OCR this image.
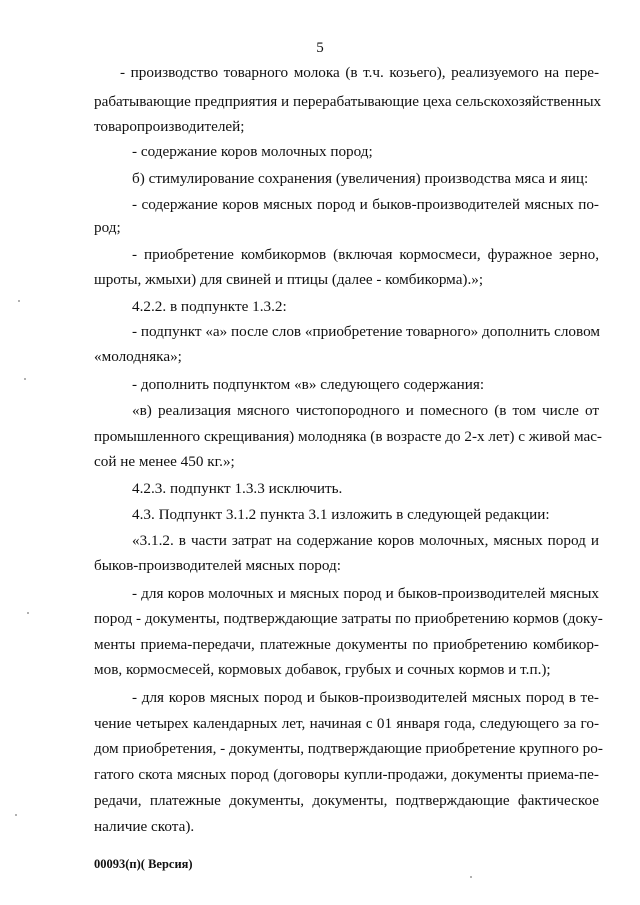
5
- производство товарного молока (в т.ч. козьего), реализуемого на пере-
рабатывающие предприятия и перерабатывающие цеха сельскохозяйственных
товаропроизводителей;
- содержание коров молочных пород;
б) стимулирование сохранения (увеличения) производства мяса и яиц:
- содержание коров мясных пород и быков-производителей мясных по-
род;
- приобретение комбикормов (включая кормосмеси, фуражное зерно,
шроты, жмыхи) для свиней и птицы (далее - комбикорма).»;
4.2.2. в подпункте 1.3.2:
- подпункт «а» после слов «приобретение товарного» дополнить словом
«молодняка»;
- дополнить подпунктом «в» следующего содержания:
«в) реализация мясного чистопородного и помесного (в том числе от
промышленного скрещивания) молодняка (в возрасте до 2-х лет) с живой мас-
сой не менее 450 кг.»;
4.2.3. подпункт 1.3.3 исключить.
4.3. Подпункт 3.1.2 пункта 3.1 изложить в следующей редакции:
«3.1.2. в части затрат на содержание коров молочных, мясных пород и
быков-производителей мясных пород:
- для коров молочных и мясных пород и быков-производителей мясных
пород - документы, подтверждающие затраты по приобретению кормов (доку-
менты приема-передачи, платежные документы по приобретению комбикор-
мов, кормосмесей, кормовых добавок, грубых и сочных кормов и т.п.);
- для коров мясных пород и быков-производителей мясных пород в те-
чение четырех календарных лет, начиная с 01 января года, следующего за го-
дом приобретения, - документы, подтверждающие приобретение крупного ро-
гатого скота мясных пород (договоры купли-продажи, документы приема-пе-
редачи, платежные документы, документы, подтверждающие фактическое
наличие скота).
00093(п)( Версия)
